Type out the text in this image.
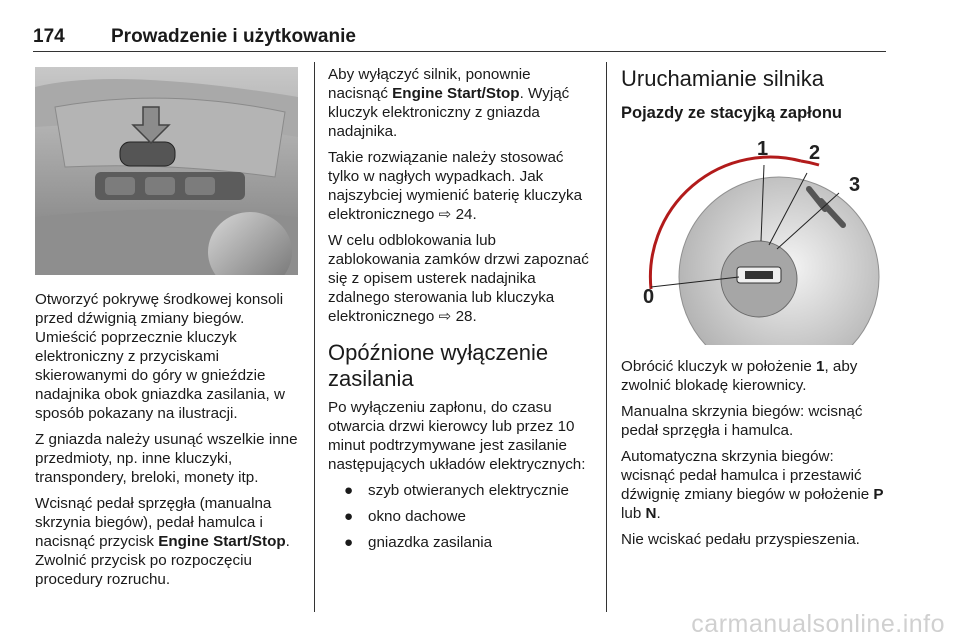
174 Prowadzenie i użytkowanie

Otworzyć pokrywę środkowej konsoli przed dźwignią zmiany biegów. Umieścić poprzecznie kluczyk elektroniczny z przyciskami skierowanymi do góry w gnieździe nadajnika obok gniazdka zasilania, w sposób pokazany na ilustracji.

Z gniazda należy usunąć wszelkie inne przedmioty, np. inne kluczyki, transpondery, breloki, monety itp.

Wcisnąć pedał sprzęgła (manualna skrzynia biegów), pedał hamulca i nacisnąć przycisk Engine Start/Stop. Zwolnić przycisk po rozpoczęciu procedury rozruchu.

Aby wyłączyć silnik, ponownie nacisnąć Engine Start/Stop. Wyjąć kluczyk elektroniczny z gniazda nadajnika.

Takie rozwiązanie należy stosować tylko w nagłych wypadkach. Jak najszybciej wymienić baterię kluczyka elektronicznego ⇨ 24.

W celu odblokowania lub zablokowania zamków drzwi zapoznać się z opisem usterek nadajnika zdalnego sterowania lub kluczyka elektronicznego ⇨ 28.

Opóźnione wyłączenie zasilania

Po wyłączeniu zapłonu, do czasu otwarcia drzwi kierowcy lub przez 10 minut podtrzymywane jest zasilanie następujących układów elektrycznych:

● szyb otwieranych elektrycznie
● okno dachowe
● gniazdka zasilania
Uruchamianie silnika
Pojazdy ze stacyjką zapłonu
0
1 2
3

Obrócić kluczyk w położenie 1, aby zwolnić blokadę kierownicy.

Manualna skrzynia biegów: wcisnąć pedał sprzęgła i hamulca.

Automatyczna skrzynia biegów: wcisnąć pedał hamulca i przestawić dźwignię zmiany biegów w położenie P lub N.

Nie wciskać pedału przyspieszenia.

carmanualsonline.info
